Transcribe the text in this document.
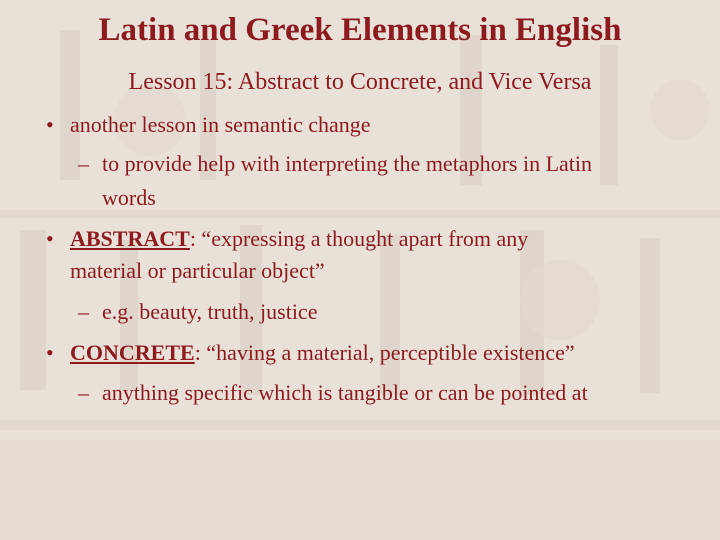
Latin and Greek Elements in English
Lesson 15: Abstract to Concrete, and Vice Versa
• another lesson in semantic change
– to provide help with interpreting the metaphors in Latin
words
• ABSTRACT: “expressing a thought apart from any
material or particular object”
– e.g. beauty, truth, justice
• CONCRETE: “having a material, perceptible existence”
– anything specific which is tangible or can be pointed at
